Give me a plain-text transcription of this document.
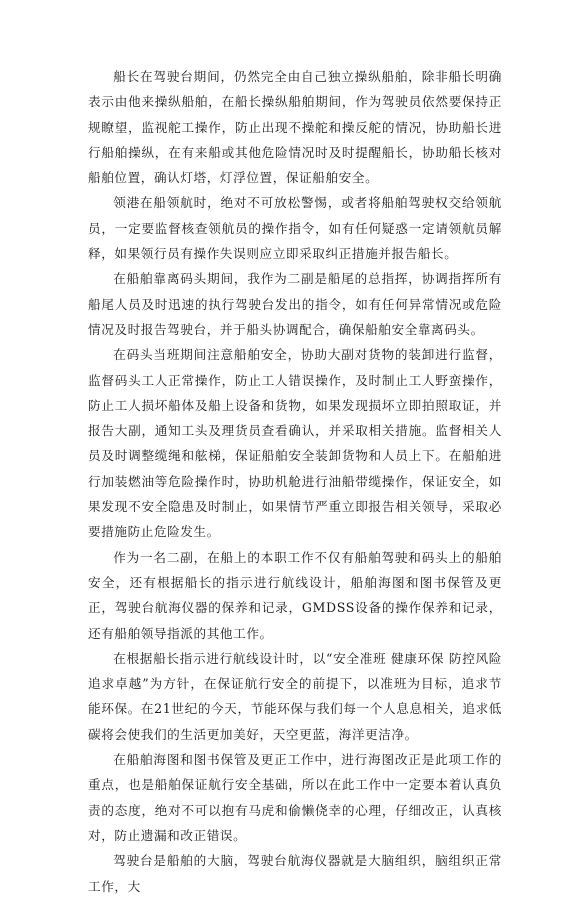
船长在驾驶台期间，仍然完全由自己独立操纵船舶，除非船长明确表示由他来操纵船舶，在船长操纵船舶期间，作为驾驶员依然要保持正规瞭望，监视舵工操作，防止出现不操舵和操反舵的情况，协助船长进行船舶操纵，在有来船或其他危险情况时及时提醒船长，协助船长核对船舶位置，确认灯塔，灯浮位置，保证船舶安全。

领港在船领航时，绝对不可放松警惕，或者将船舶驾驶权交给领航员，一定要监督核查领航员的操作指令，如有任何疑惑一定请领航员解释，如果领行员有操作失误则应立即采取纠正措施并报告船长。

在船舶靠离码头期间，我作为二副是船尾的总指挥，协调指挥所有船尾人员及时迅速的执行驾驶台发出的指令，如有任何异常情况或危险情况及时报告驾驶台，并于船头协调配合，确保船舶安全靠离码头。

在码头当班期间注意船舶安全，协助大副对货物的装卸进行监督，监督码头工人正常操作，防止工人错误操作，及时制止工人野蛮操作，防止工人损坏船体及船上设备和货物，如果发现损坏立即拍照取证，并报告大副，通知工头及理货员查看确认，并采取相关措施。监督相关人员及时调整缆绳和舷梯，保证船舶安全装卸货物和人员上下。在船舶进行加装燃油等危险操作时，协助机舱进行油船带缆操作，保证安全，如果发现不安全隐患及时制止，如果情节严重立即报告相关领导，采取必要措施防止危险发生。

作为一名二副，在船上的本职工作不仅有船舶驾驶和码头上的船舶安全，还有根据船长的指示进行航线设计，船舶海图和图书保管及更正，驾驶台航海仪器的保养和记录，GMDSS设备的操作保养和记录，还有船舶领导指派的其他工作。

在根据船长指示进行航线设计时，以“安全准班 健康环保 防控风险 追求卓越”为方针，在保证航行安全的前提下，以准班为目标，追求节能环保。在21世纪的今天，节能环保与我们每一个人息息相关，追求低碳将会使我们的生活更加美好，天空更蓝，海洋更洁净。

在船舶海图和图书保管及更正工作中，进行海图改正是此项工作的重点，也是船舶保证航行安全基础，所以在此工作中一定要本着认真负责的态度，绝对不可以抱有马虎和偷懒侥幸的心理，仔细改正，认真核对，防止遗漏和改正错误。

驾驶台是船舶的大脑，驾驶台航海仪器就是大脑组织，脑组织正常工作，大
